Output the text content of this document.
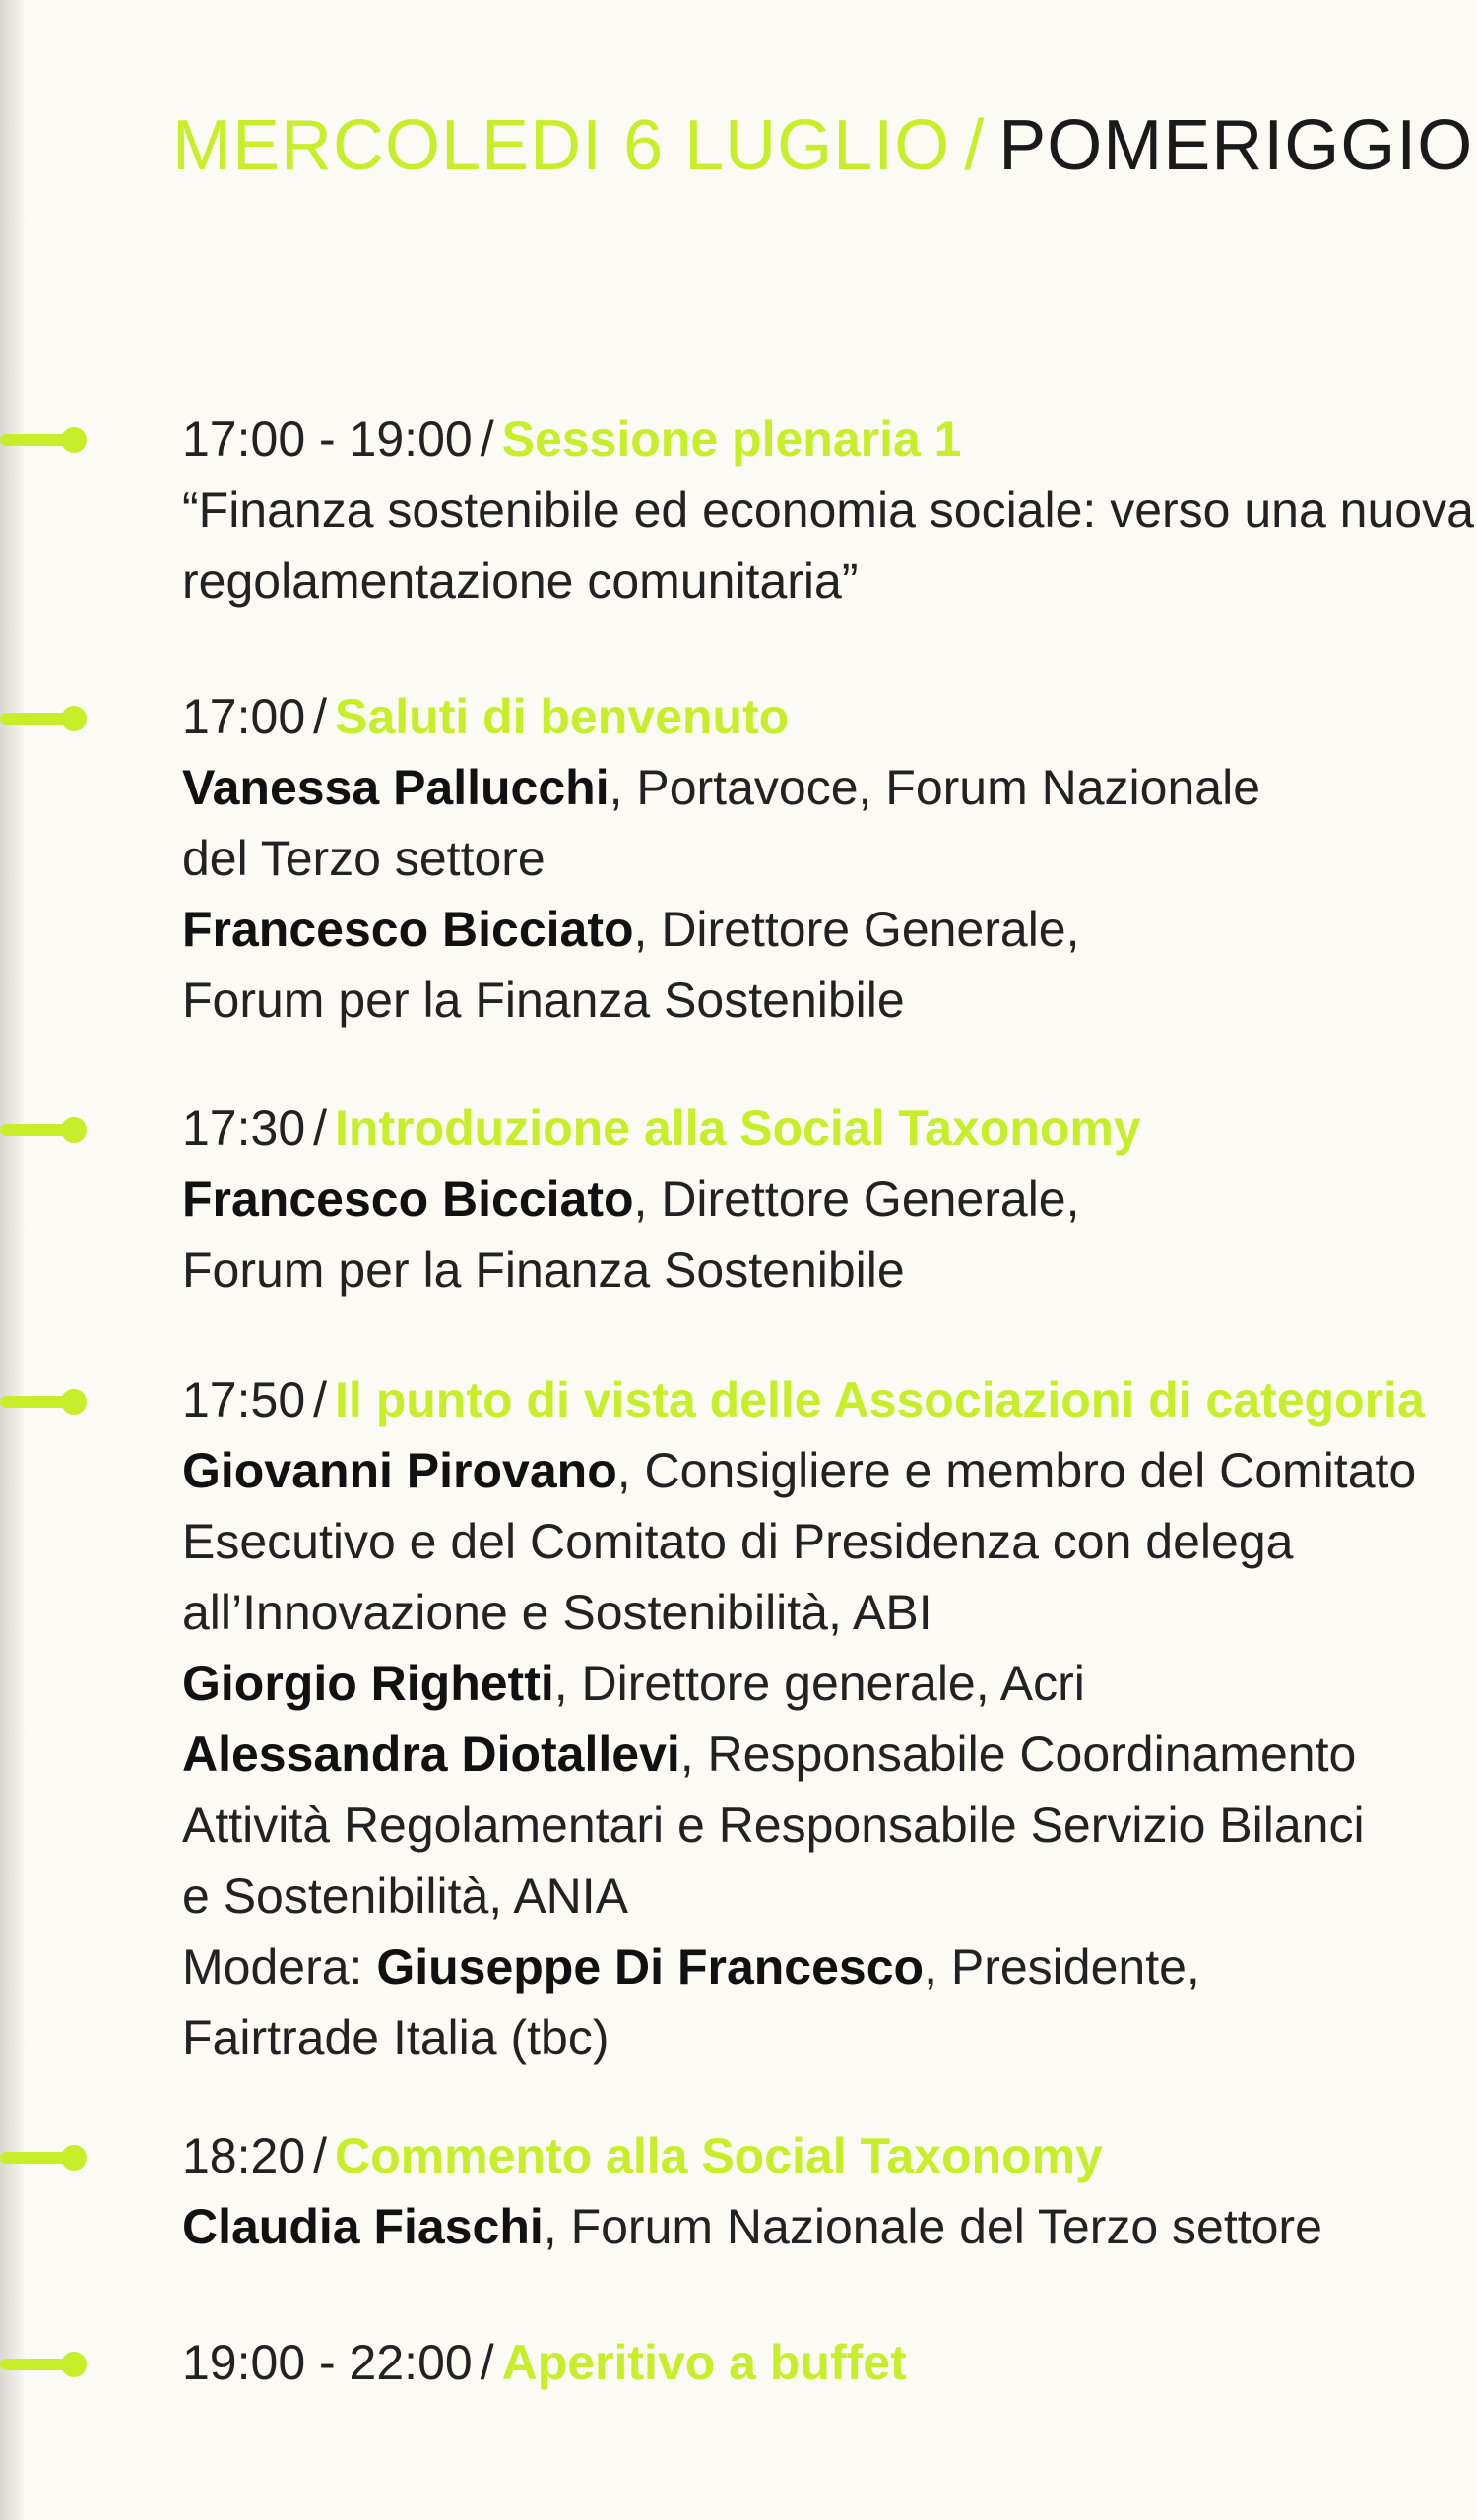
MERCOLEDI 6 LUGLIO / POMERIGGIO
17:00 - 19:00 / Sessione plenaria 1
“Finanza sostenibile ed economia sociale: verso una nuova
regolamentazione comunitaria”
17:00 / Saluti di benvenuto
Vanessa Pallucchi, Portavoce, Forum Nazionale
del Terzo settore
Francesco Bicciato, Direttore Generale,
Forum per la Finanza Sostenibile
17:30 / Introduzione alla Social Taxonomy
Francesco Bicciato, Direttore Generale,
Forum per la Finanza Sostenibile
17:50 / Il punto di vista delle Associazioni di categoria
Giovanni Pirovano, Consigliere e membro del Comitato
Esecutivo e del Comitato di Presidenza con delega
all’Innovazione e Sostenibilità, ABI
Giorgio Righetti, Direttore generale, Acri
Alessandra Diotallevi, Responsabile Coordinamento
Attività Regolamentari e Responsabile Servizio Bilanci
e Sostenibilità, ANIA
Modera: Giuseppe Di Francesco, Presidente,
Fairtrade Italia (tbc)
18:20 / Commento alla Social Taxonomy
Claudia Fiaschi, Forum Nazionale del Terzo settore
19:00 - 22:00 / Aperitivo a buffet
